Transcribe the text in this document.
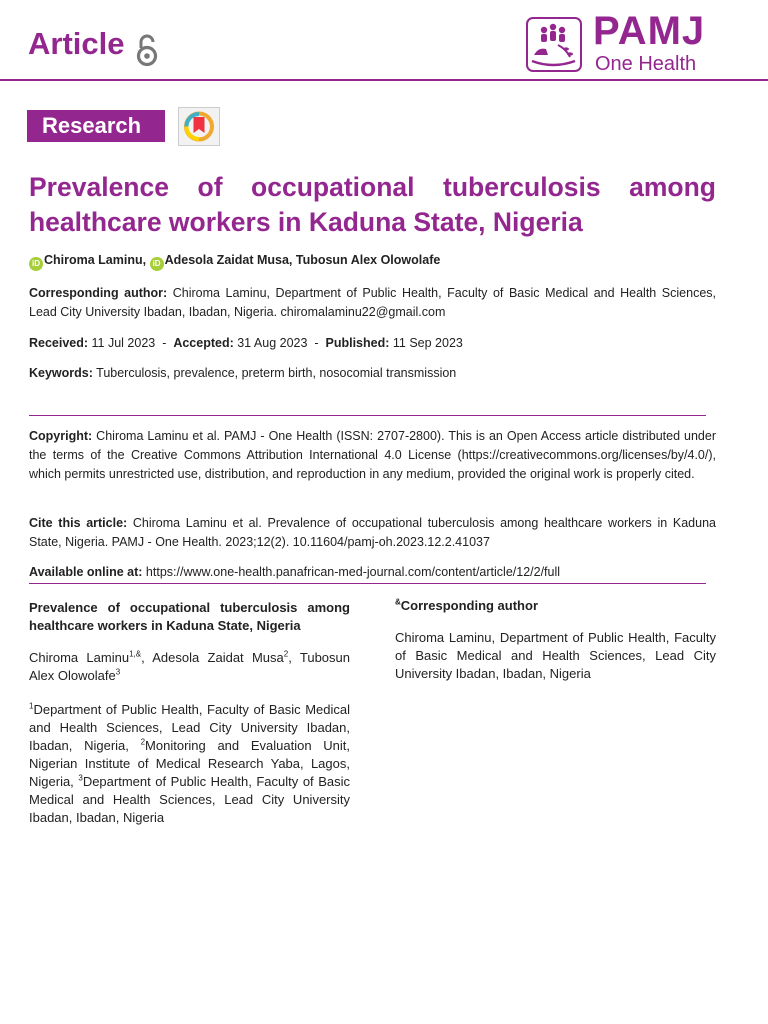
Article	PAMJ
One Health
Research
Prevalence of occupational tuberculosis among
healthcare workers in Kaduna State, Nigeria
iD Chiroma Laminu, iD Adesola Zaidat Musa, Tubosun Alex Olowolafe
Corresponding author: Chiroma Laminu, Department of Public Health, Faculty of Basic Medical and Health Sciences, Lead City University Ibadan, Ibadan, Nigeria. chiromalaminu22@gmail.com
Received: 11 Jul 2023  -  Accepted: 31 Aug 2023  -  Published: 11 Sep 2023
Keywords: Tuberculosis, prevalence, preterm birth, nosocomial transmission
Copyright: Chiroma Laminu et al. PAMJ - One Health (ISSN: 2707-2800). This is an Open Access article distributed under the terms of the Creative Commons Attribution International 4.0 License (https://creativecommons.org/licenses/by/4.0/), which permits unrestricted use, distribution, and reproduction in any medium, provided the original work is properly cited.
Cite this article: Chiroma Laminu et al. Prevalence of occupational tuberculosis among healthcare workers in Kaduna State, Nigeria. PAMJ - One Health. 2023;12(2). 10.11604/pamj-oh.2023.12.2.41037
Available online at: https://www.one-health.panafrican-med-journal.com/content/article/12/2/full
Prevalence of occupational tuberculosis among healthcare workers in Kaduna State, Nigeria
Chiroma Laminu$^{1,\&}$, Adesola Zaidat Musa$^2$, Tubosun Alex Olowolafe$^3$
$^1$Department of Public Health, Faculty of Basic Medical and Health Sciences, Lead City University Ibadan, Ibadan, Nigeria, $^2$Monitoring and Evaluation Unit, Nigerian Institute of Medical Research Yaba, Lagos, Nigeria, $^3$Department of Public Health, Faculty of Basic Medical and Health Sciences, Lead City University Ibadan, Ibadan, Nigeria
&Corresponding author
Chiroma Laminu, Department of Public Health, Faculty of Basic Medical and Health Sciences, Lead City University Ibadan, Ibadan, Nigeria
